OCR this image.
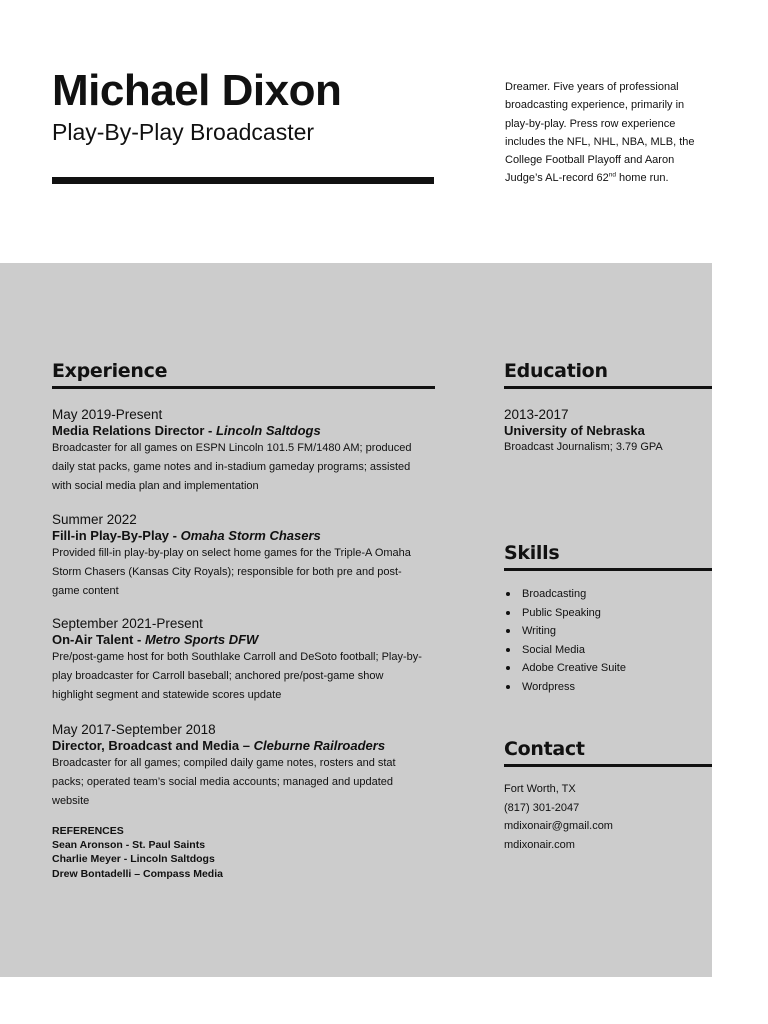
Michael Dixon
Play-By-Play Broadcaster
Dreamer. Five years of professional broadcasting experience, primarily in play-by-play. Press row experience includes the NFL, NHL, NBA, MLB, the College Football Playoff and Aaron Judge’s AL-record 62nd home run.
Experience
May 2019-Present
Media Relations Director - Lincoln Saltdogs
Broadcaster for all games on ESPN Lincoln 101.5 FM/1480 AM; produced daily stat packs, game notes and in-stadium gameday programs; assisted with social media plan and implementation
Summer 2022
Fill-in Play-By-Play - Omaha Storm Chasers
Provided fill-in play-by-play on select home games for the Triple-A Omaha Storm Chasers (Kansas City Royals); responsible for both pre and post-game content
September 2021-Present
On-Air Talent - Metro Sports DFW
Pre/post-game host for both Southlake Carroll and DeSoto football; Play-by-play broadcaster for Carroll baseball; anchored pre/post-game show highlight segment and statewide scores update
May 2017-September 2018
Director, Broadcast and Media – Cleburne Railroaders
Broadcaster for all games; compiled daily game notes, rosters and stat packs; operated team’s social media accounts; managed and updated website
REFERENCES
Sean Aronson - St. Paul Saints
Charlie Meyer - Lincoln Saltdogs
Drew Bontadelli – Compass Media
Education
2013-2017
University of Nebraska
Broadcast Journalism; 3.79 GPA
Skills
Broadcasting
Public Speaking
Writing
Social Media
Adobe Creative Suite
Wordpress
Contact
Fort Worth, TX
(817) 301-2047
mdixonair@gmail.com
mdixonair.com
